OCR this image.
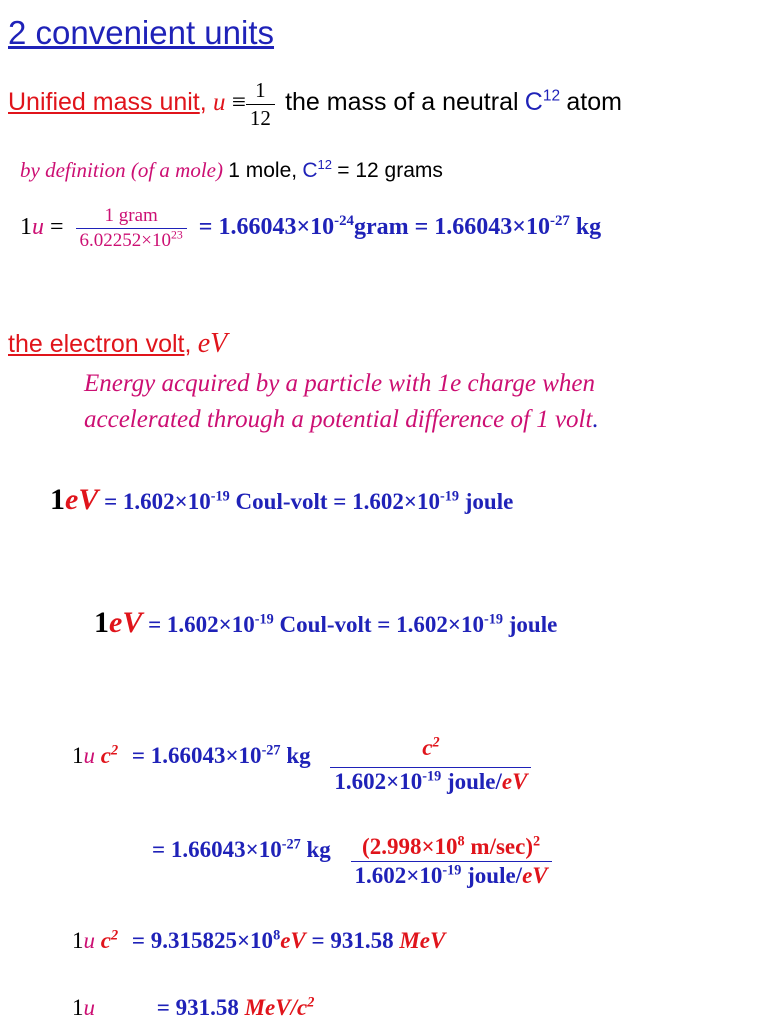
2 convenient units
Unified mass unit, $u \equiv \frac{1}{12}$ the mass of a neutral $C^{12}$ atom
by definition (of a mole) 1 mole, $C^{12} = 12$ grams
$1u = \frac{\text{1 gram}}{6.02252\times 10^{23}}$ = $1.66043\times 10^{-24}gram = 1.66043\times 10^{-27}$ kg
the electron volt, eV
Energy acquired by a particle with 1e charge when
accelerated through a potential difference of 1 volt.
$1eV = 1.602\times 10^{-19}$ Coul-volt = $1.602\times 10^{-19}$ joule
$1eV = 1.602\times 10^{-19}$ Coul-volt = $1.602\times 10^{-19}$ joule
1u $c^2 = 1.66043\times 10^{-27}$ kg $\frac{c^2}{1.602\times 10^{-19} joule/eV}$
= $1.66043\times 10^{-27}$ kg $\frac{(2.998\times 10^8 m/\sec)^2}{1.602\times 10^{-19} joule/eV}$
1u $c^2 = 9.315825\times 10^8eV = 931.58$ MeV
1u	= 931.58 MeV/$c^2$
